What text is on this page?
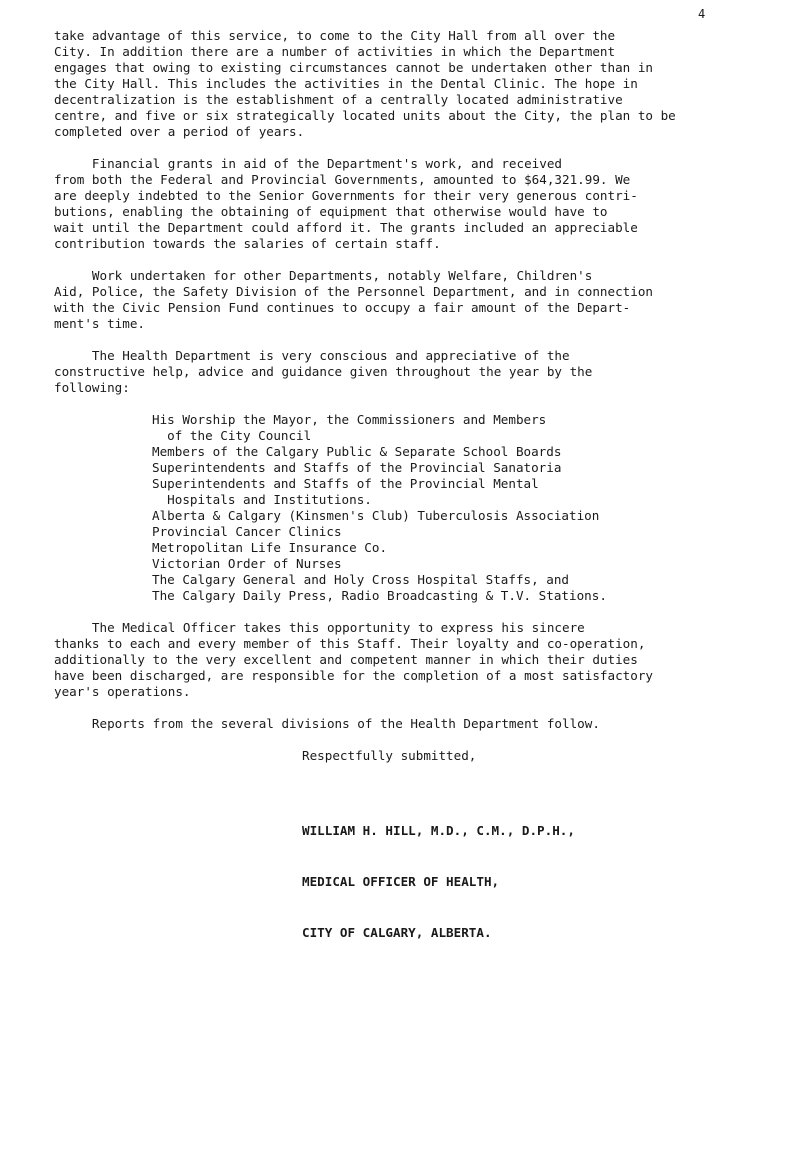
4

take advantage of this service, to come to the City Hall from all over the
City. In addition there are a number of activities in which the Department
engages that owing to existing circumstances cannot be undertaken other than in
the City Hall. This includes the activities in the Dental Clinic. The hope in
decentralization is the establishment of a centrally located administrative
centre, and five or six strategically located units about the City, the plan to be
completed over a period of years.

Financial grants in aid of the Department's work, and received
from both the Federal and Provincial Governments, amounted to $64,321.99. We
are deeply indebted to the Senior Governments for their very generous contri-
butions, enabling the obtaining of equipment that otherwise would have to
wait until the Department could afford it. The grants included an appreciable
contribution towards the salaries of certain staff.

Work undertaken for other Departments, notably Welfare, Children's
Aid, Police, the Safety Division of the Personnel Department, and in connection
with the Civic Pension Fund continues to occupy a fair amount of the Depart-
ment's time.

The Health Department is very conscious and appreciative of the
constructive help, advice and guidance given throughout the year by the
following:

His Worship the Mayor, the Commissioners and Members
of the City Council
Members of the Calgary Public & Separate School Boards
Superintendents and Staffs of the Provincial Sanatoria
Superintendents and Staffs of the Provincial Mental
Hospitals and Institutions.
Alberta & Calgary (Kinsmen's Club) Tuberculosis Association
Provincial Cancer Clinics
Metropolitan Life Insurance Co.
Victorian Order of Nurses
The Calgary General and Holy Cross Hospital Staffs, and
The Calgary Daily Press, Radio Broadcasting & T.V. Stations.

The Medical Officer takes this opportunity to express his sincere
thanks to each and every member of this Staff. Their loyalty and co-operation,
additionally to the very excellent and competent manner in which their duties
have been discharged, are responsible for the completion of a most satisfactory
year's operations.

Reports from the several divisions of the Health Department follow.

Respectfully submitted,

WILLIAM H. HILL, M.D., C.M., D.P.H.,

MEDICAL OFFICER OF HEALTH,

CITY OF CALGARY, ALBERTA.
